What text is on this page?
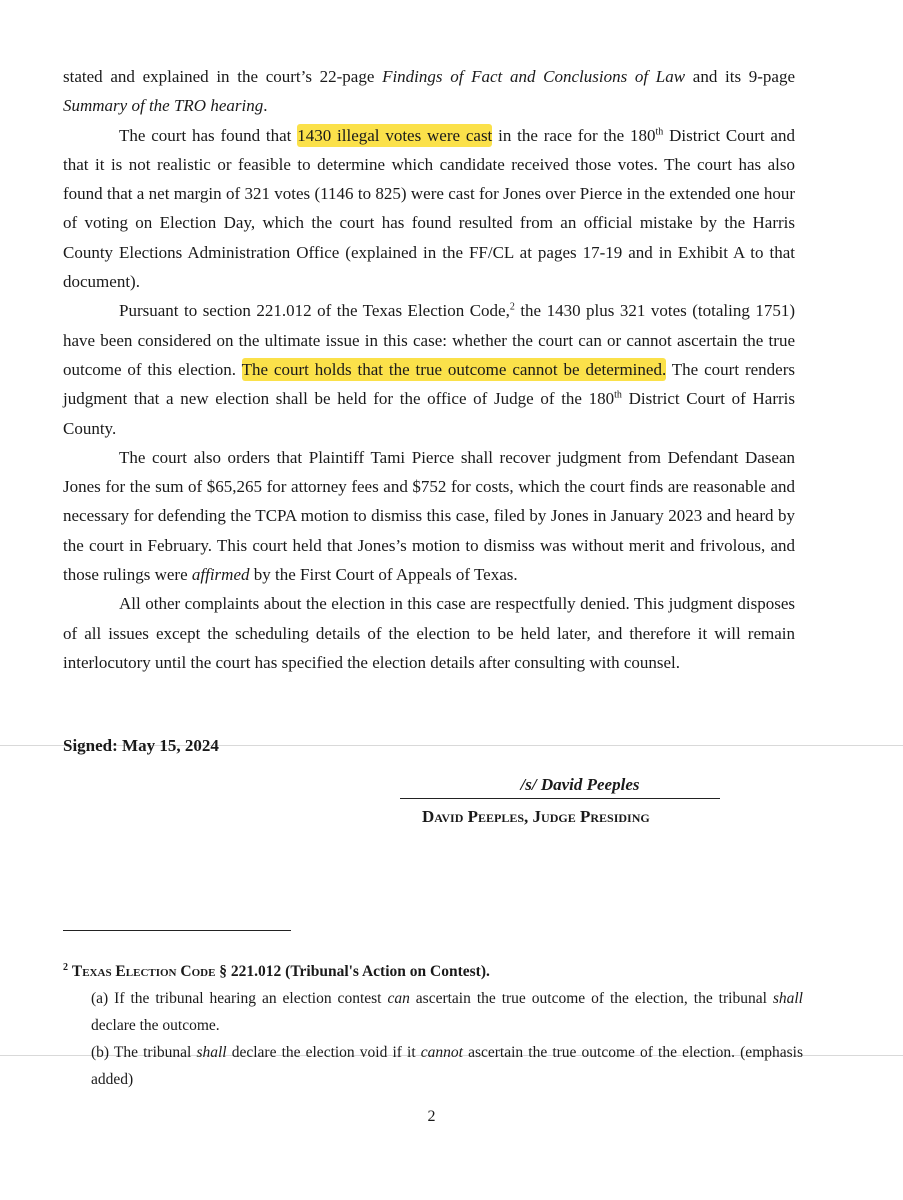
stated and explained in the court’s 22-page Findings of Fact and Conclusions of Law and its 9-page Summary of the TRO hearing.

The court has found that 1430 illegal votes were cast in the race for the 180th District Court and that it is not realistic or feasible to determine which candidate received those votes. The court has also found that a net margin of 321 votes (1146 to 825) were cast for Jones over Pierce in the extended one hour of voting on Election Day, which the court has found resulted from an official mistake by the Harris County Elections Administration Office (explained in the FF/CL at pages 17-19 and in Exhibit A to that document).

Pursuant to section 221.012 of the Texas Election Code,$^2$ the 1430 plus 321 votes (totaling 1751) have been considered on the ultimate issue in this case: whether the court can or cannot ascertain the true outcome of this election. The court holds that the true outcome cannot be determined. The court renders judgment that a new election shall be held for the office of Judge of the 180th District Court of Harris County.

The court also orders that Plaintiff Tami Pierce shall recover judgment from Defendant Dasean Jones for the sum of $65,265 for attorney fees and $752 for costs, which the court finds are reasonable and necessary for defending the TCPA motion to dismiss this case, filed by Jones in January 2023 and heard by the court in February. This court held that Jones’s motion to dismiss was without merit and frivolous, and those rulings were affirmed by the First Court of Appeals of Texas.

All other complaints about the election in this case are respectfully denied. This judgment disposes of all issues except the scheduling details of the election to be held later, and therefore it will remain interlocutory until the court has specified the election details after consulting with counsel.

Signed: May 15, 2024
/s/ David Peeples
David Peeples, Judge Presiding

$^2$ Texas Election Code § 221.012 (Tribunal's Action on Contest).

(a) If the tribunal hearing an election contest can ascertain the true outcome of the election, the tribunal shall declare the outcome.

(b) The tribunal shall declare the election void if it cannot ascertain the true outcome of the election. (emphasis added)

2
